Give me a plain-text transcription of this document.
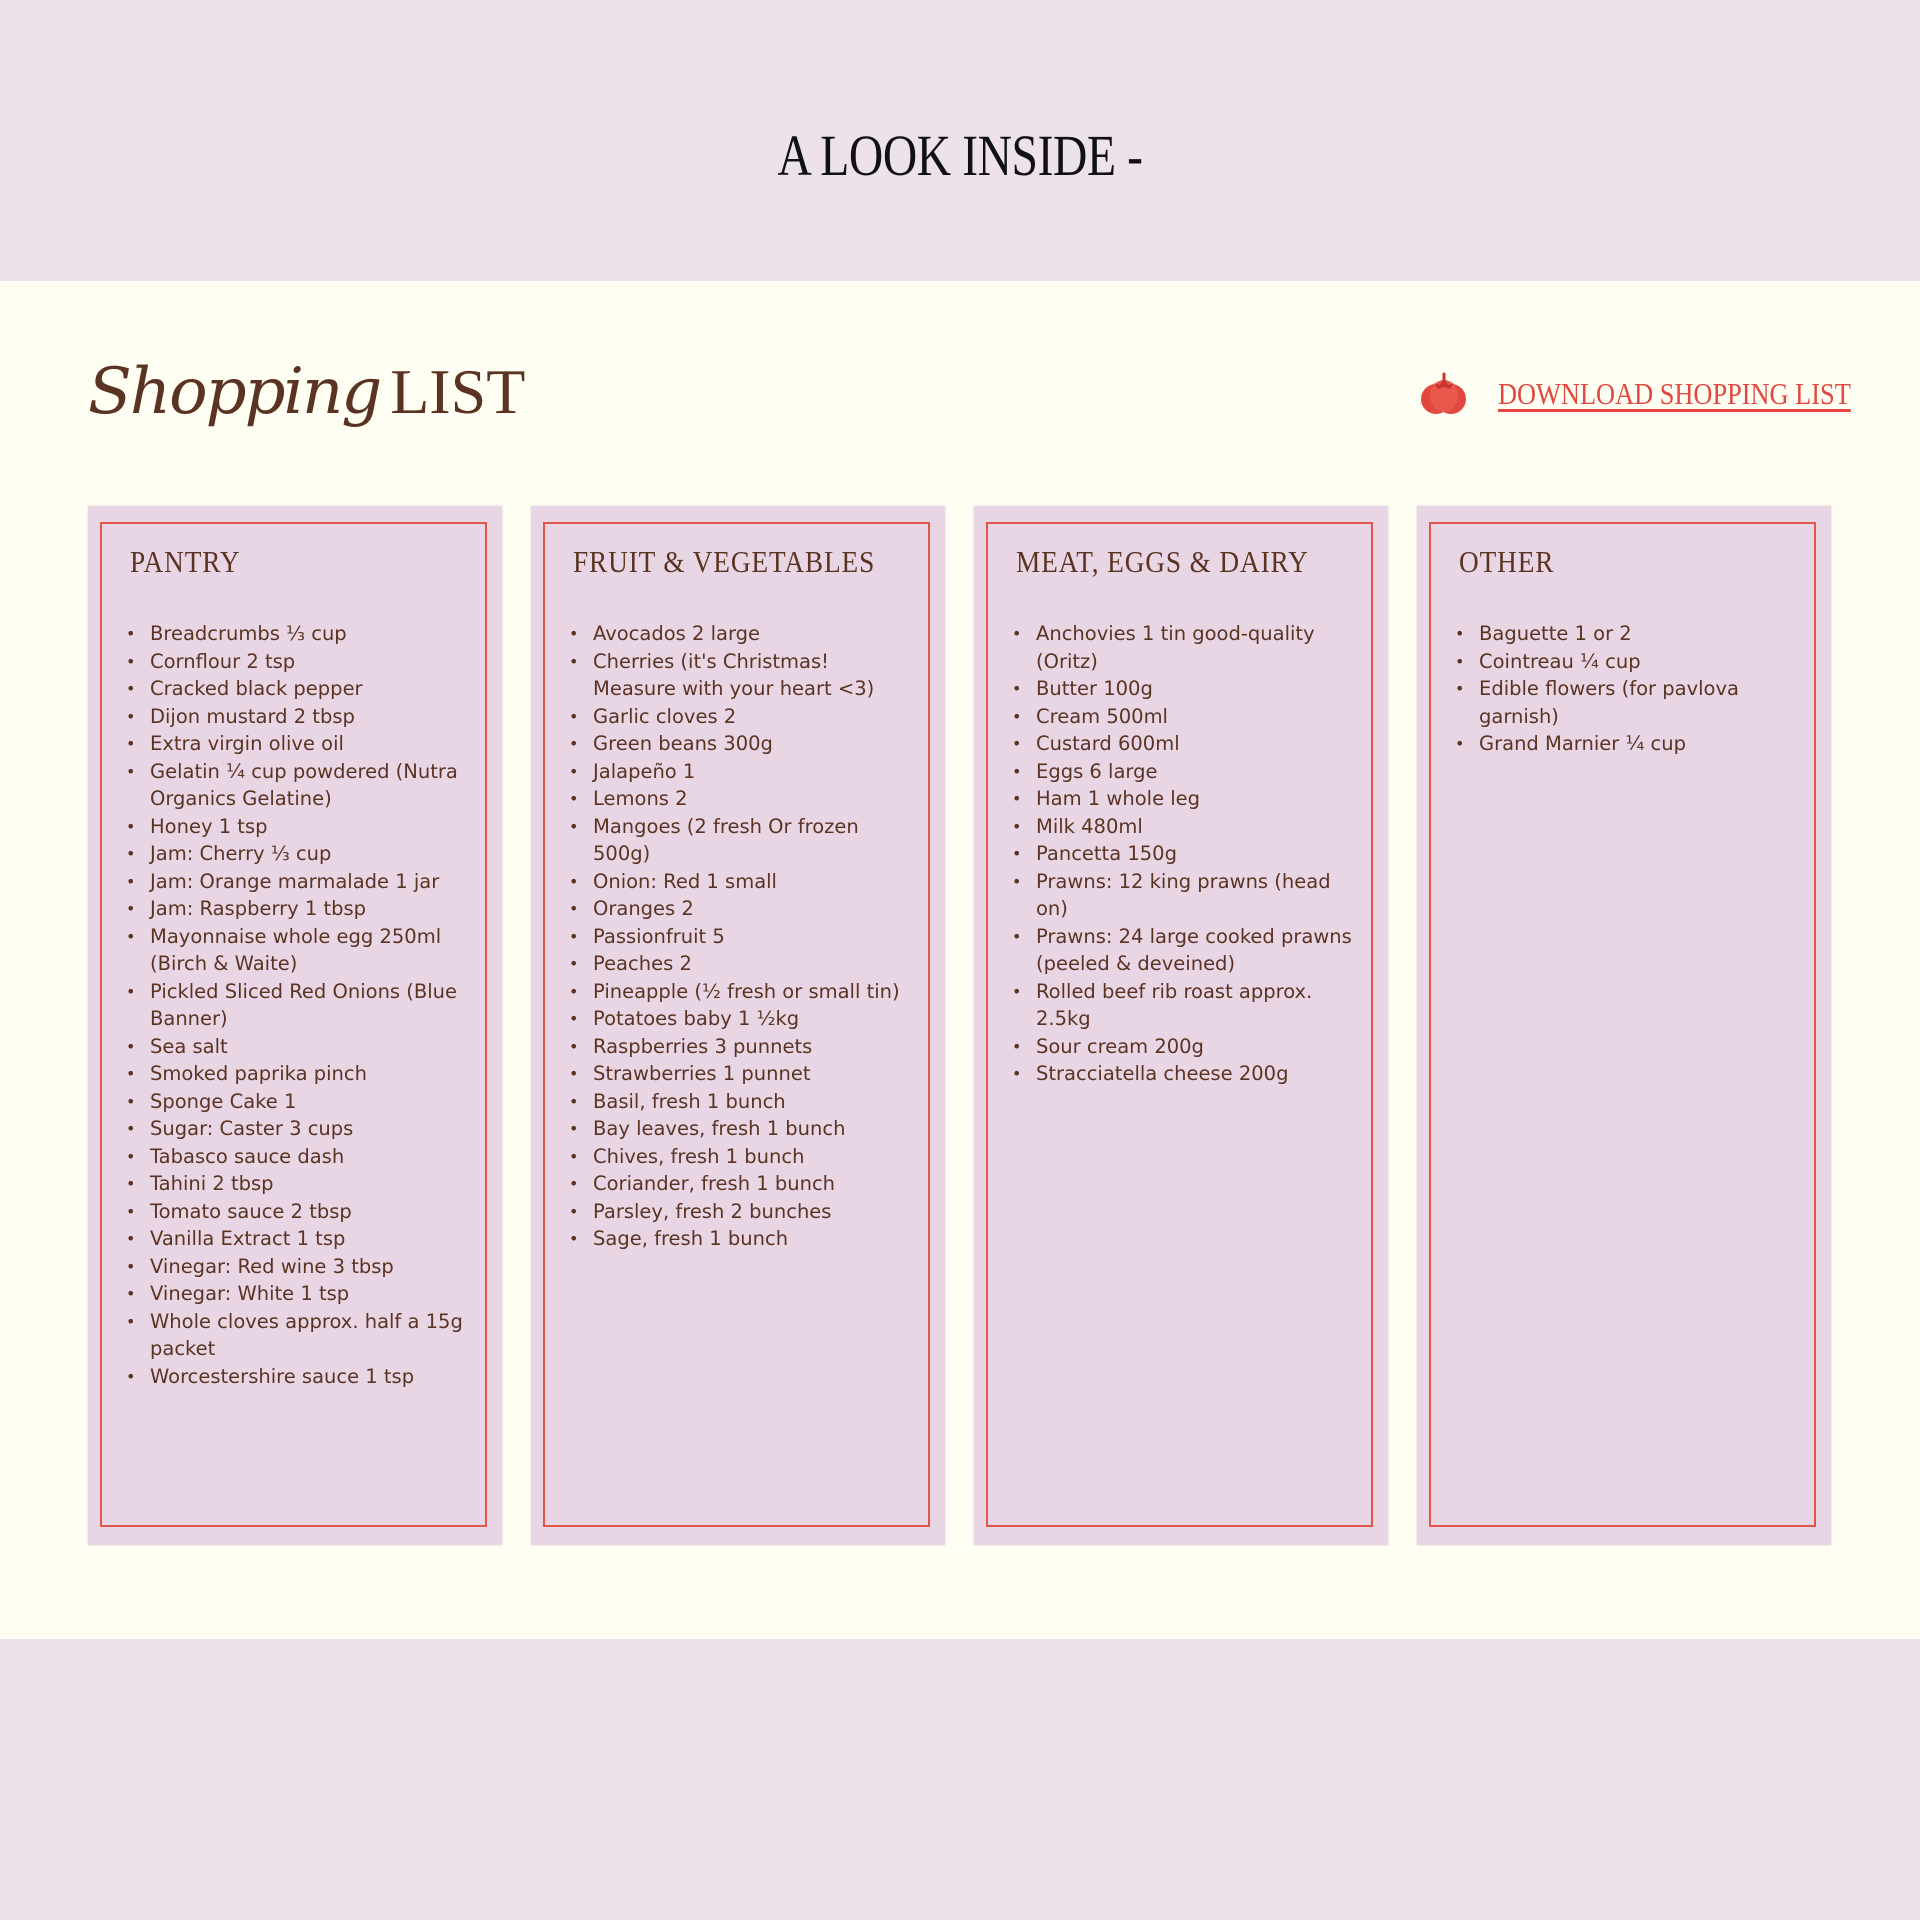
A LOOK INSIDE -
Shopping LIST	DOWNLOAD SHOPPING LIST
PANTRY
• Breadcrumbs ⅓ cup
• Cornflour 2 tsp
• Cracked black pepper
• Dijon mustard 2 tbsp
• Extra virgin olive oil
• Gelatin ¼ cup powdered (Nutra Organics Gelatine)
• Honey 1 tsp
• Jam: Cherry ⅓ cup
• Jam: Orange marmalade 1 jar
• Jam: Raspberry 1 tbsp
• Mayonnaise whole egg 250ml (Birch & Waite)
• Pickled Sliced Red Onions (Blue Banner)
• Sea salt
• Smoked paprika pinch
• Sponge Cake 1
• Sugar: Caster 3 cups
• Tabasco sauce dash
• Tahini 2 tbsp
• Tomato sauce 2 tbsp
• Vanilla Extract 1 tsp
• Vinegar: Red wine 3 tbsp
• Vinegar: White 1 tsp
• Whole cloves approx. half a 15g packet
• Worcestershire sauce 1 tsp
FRUIT & VEGETABLES
• Avocados 2 large
• Cherries (it's Christmas! Measure with your heart <3)
• Garlic cloves 2
• Green beans 300g
• Jalapeño 1
• Lemons 2
• Mangoes (2 fresh Or frozen 500g)
• Onion: Red 1 small
• Oranges 2
• Passionfruit 5
• Peaches 2
• Pineapple (½ fresh or small tin)
• Potatoes baby 1 ½kg
• Raspberries 3 punnets
• Strawberries 1 punnet
• Basil, fresh 1 bunch
• Bay leaves, fresh 1 bunch
• Chives, fresh 1 bunch
• Coriander, fresh 1 bunch
• Parsley, fresh 2 bunches
• Sage, fresh 1 bunch
MEAT, EGGS & DAIRY
• Anchovies 1 tin good-quality (Oritz)
• Butter 100g
• Cream 500ml
• Custard 600ml
• Eggs 6 large
• Ham 1 whole leg
• Milk 480ml
• Pancetta 150g
• Prawns: 12 king prawns (head on)
• Prawns: 24 large cooked prawns (peeled & deveined)
• Rolled beef rib roast approx. 2.5kg
• Sour cream 200g
• Stracciatella cheese 200g
OTHER
• Baguette 1 or 2
• Cointreau ¼ cup
• Edible flowers (for pavlova garnish)
• Grand Marnier ¼ cup
